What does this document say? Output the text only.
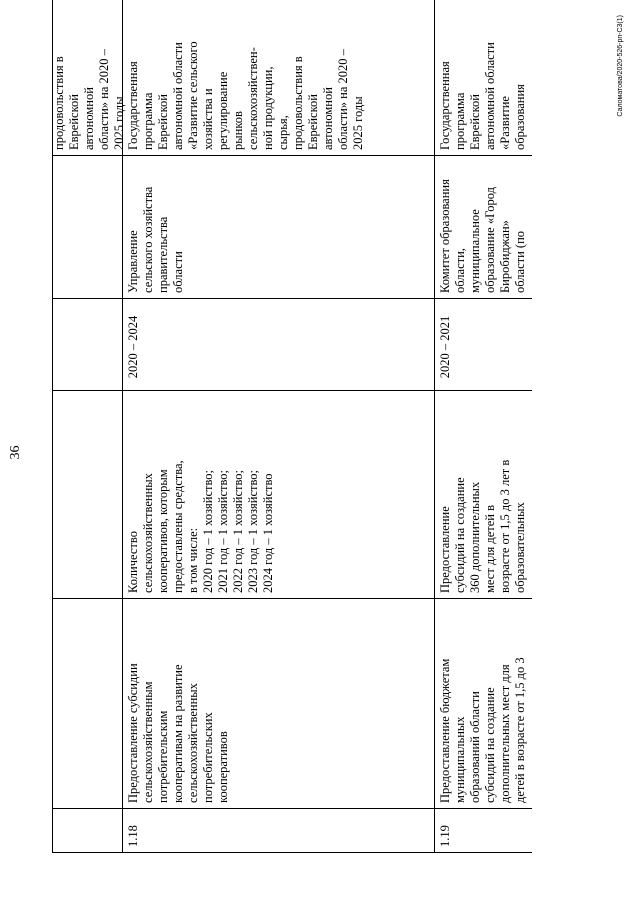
36
продовольствия в
Еврейской
автономной
области» на 2020 –
2025 годы
1.18
Предоставление субсидии
сельскохозяйственным
потребительским
кооперативам на развитие
сельскохозяйственных
потребительских
кооперативов
Количество
сельскохозяйственных
кооперативов, которым
предоставлены средства,
в том числе:
2020 год – 1 хозяйство;
2021 год – 1 хозяйство;
2022 год – 1 хозяйство;
2023 год – 1 хозяйство;
2024 год – 1 хозяйство
2020 – 2024
Управление
сельского хозяйства
правительства
области
Государственная
программа
Еврейской
автономной области
«Развитие сельского
хозяйства и
регулирование
рынков
сельскохозяйствен-
ной продукции,
сырья,
продовольствия в
Еврейской
автономной
области» на 2020 –
2025 годы
1.19
Предоставление бюджетам
муниципальных
образований области
субсидий на создание
дополнительных мест для
детей в возрасте от 1,5 до 3
Предоставление
субсидий на создание
360 дополнительных
мест для детей в
возрасте от 1,5 до 3 лет в
образовательных
2020 – 2021
Комитет образования
области,
муниципальное
образование «Город
Биробиджан»
области (по
Государственная
программа
Еврейской
автономной области
«Развитие
образования
Саломатова/2020-526-рп-С3(1)
